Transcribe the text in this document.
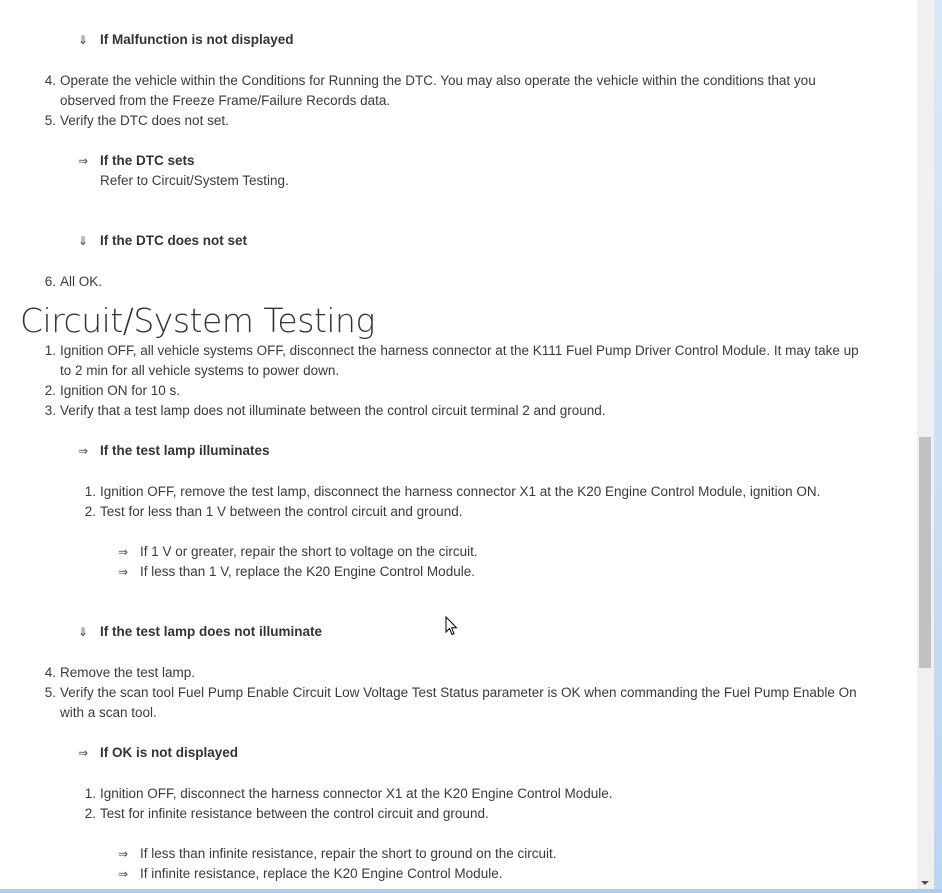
⇓ If Malfunction is not displayed
4. Operate the vehicle within the Conditions for Running the DTC. You may also operate the vehicle within the conditions that you
observed from the Freeze Frame/Failure Records data.
5. Verify the DTC does not set.
⇒ If the DTC sets
Refer to Circuit/System Testing.
⇓ If the DTC does not set
6. All OK.
Circuit/System Testing
1. Ignition OFF, all vehicle systems OFF, disconnect the harness connector at the K111 Fuel Pump Driver Control Module. It may take up
to 2 min for all vehicle systems to power down.
2. Ignition ON for 10 s.
3. Verify that a test lamp does not illuminate between the control circuit terminal 2 and ground.
⇒ If the test lamp illuminates
1. Ignition OFF, remove the test lamp, disconnect the harness connector X1 at the K20 Engine Control Module, ignition ON.
2. Test for less than 1 V between the control circuit and ground.
⇒ If 1 V or greater, repair the short to voltage on the circuit.
⇒ If less than 1 V, replace the K20 Engine Control Module.
⇓ If the test lamp does not illuminate
4. Remove the test lamp.
5. Verify the scan tool Fuel Pump Enable Circuit Low Voltage Test Status parameter is OK when commanding the Fuel Pump Enable On
with a scan tool.
⇒ If OK is not displayed
1. Ignition OFF, disconnect the harness connector X1 at the K20 Engine Control Module.
2. Test for infinite resistance between the control circuit and ground.
⇒ If less than infinite resistance, repair the short to ground on the circuit.
⇒ If infinite resistance, replace the K20 Engine Control Module.
